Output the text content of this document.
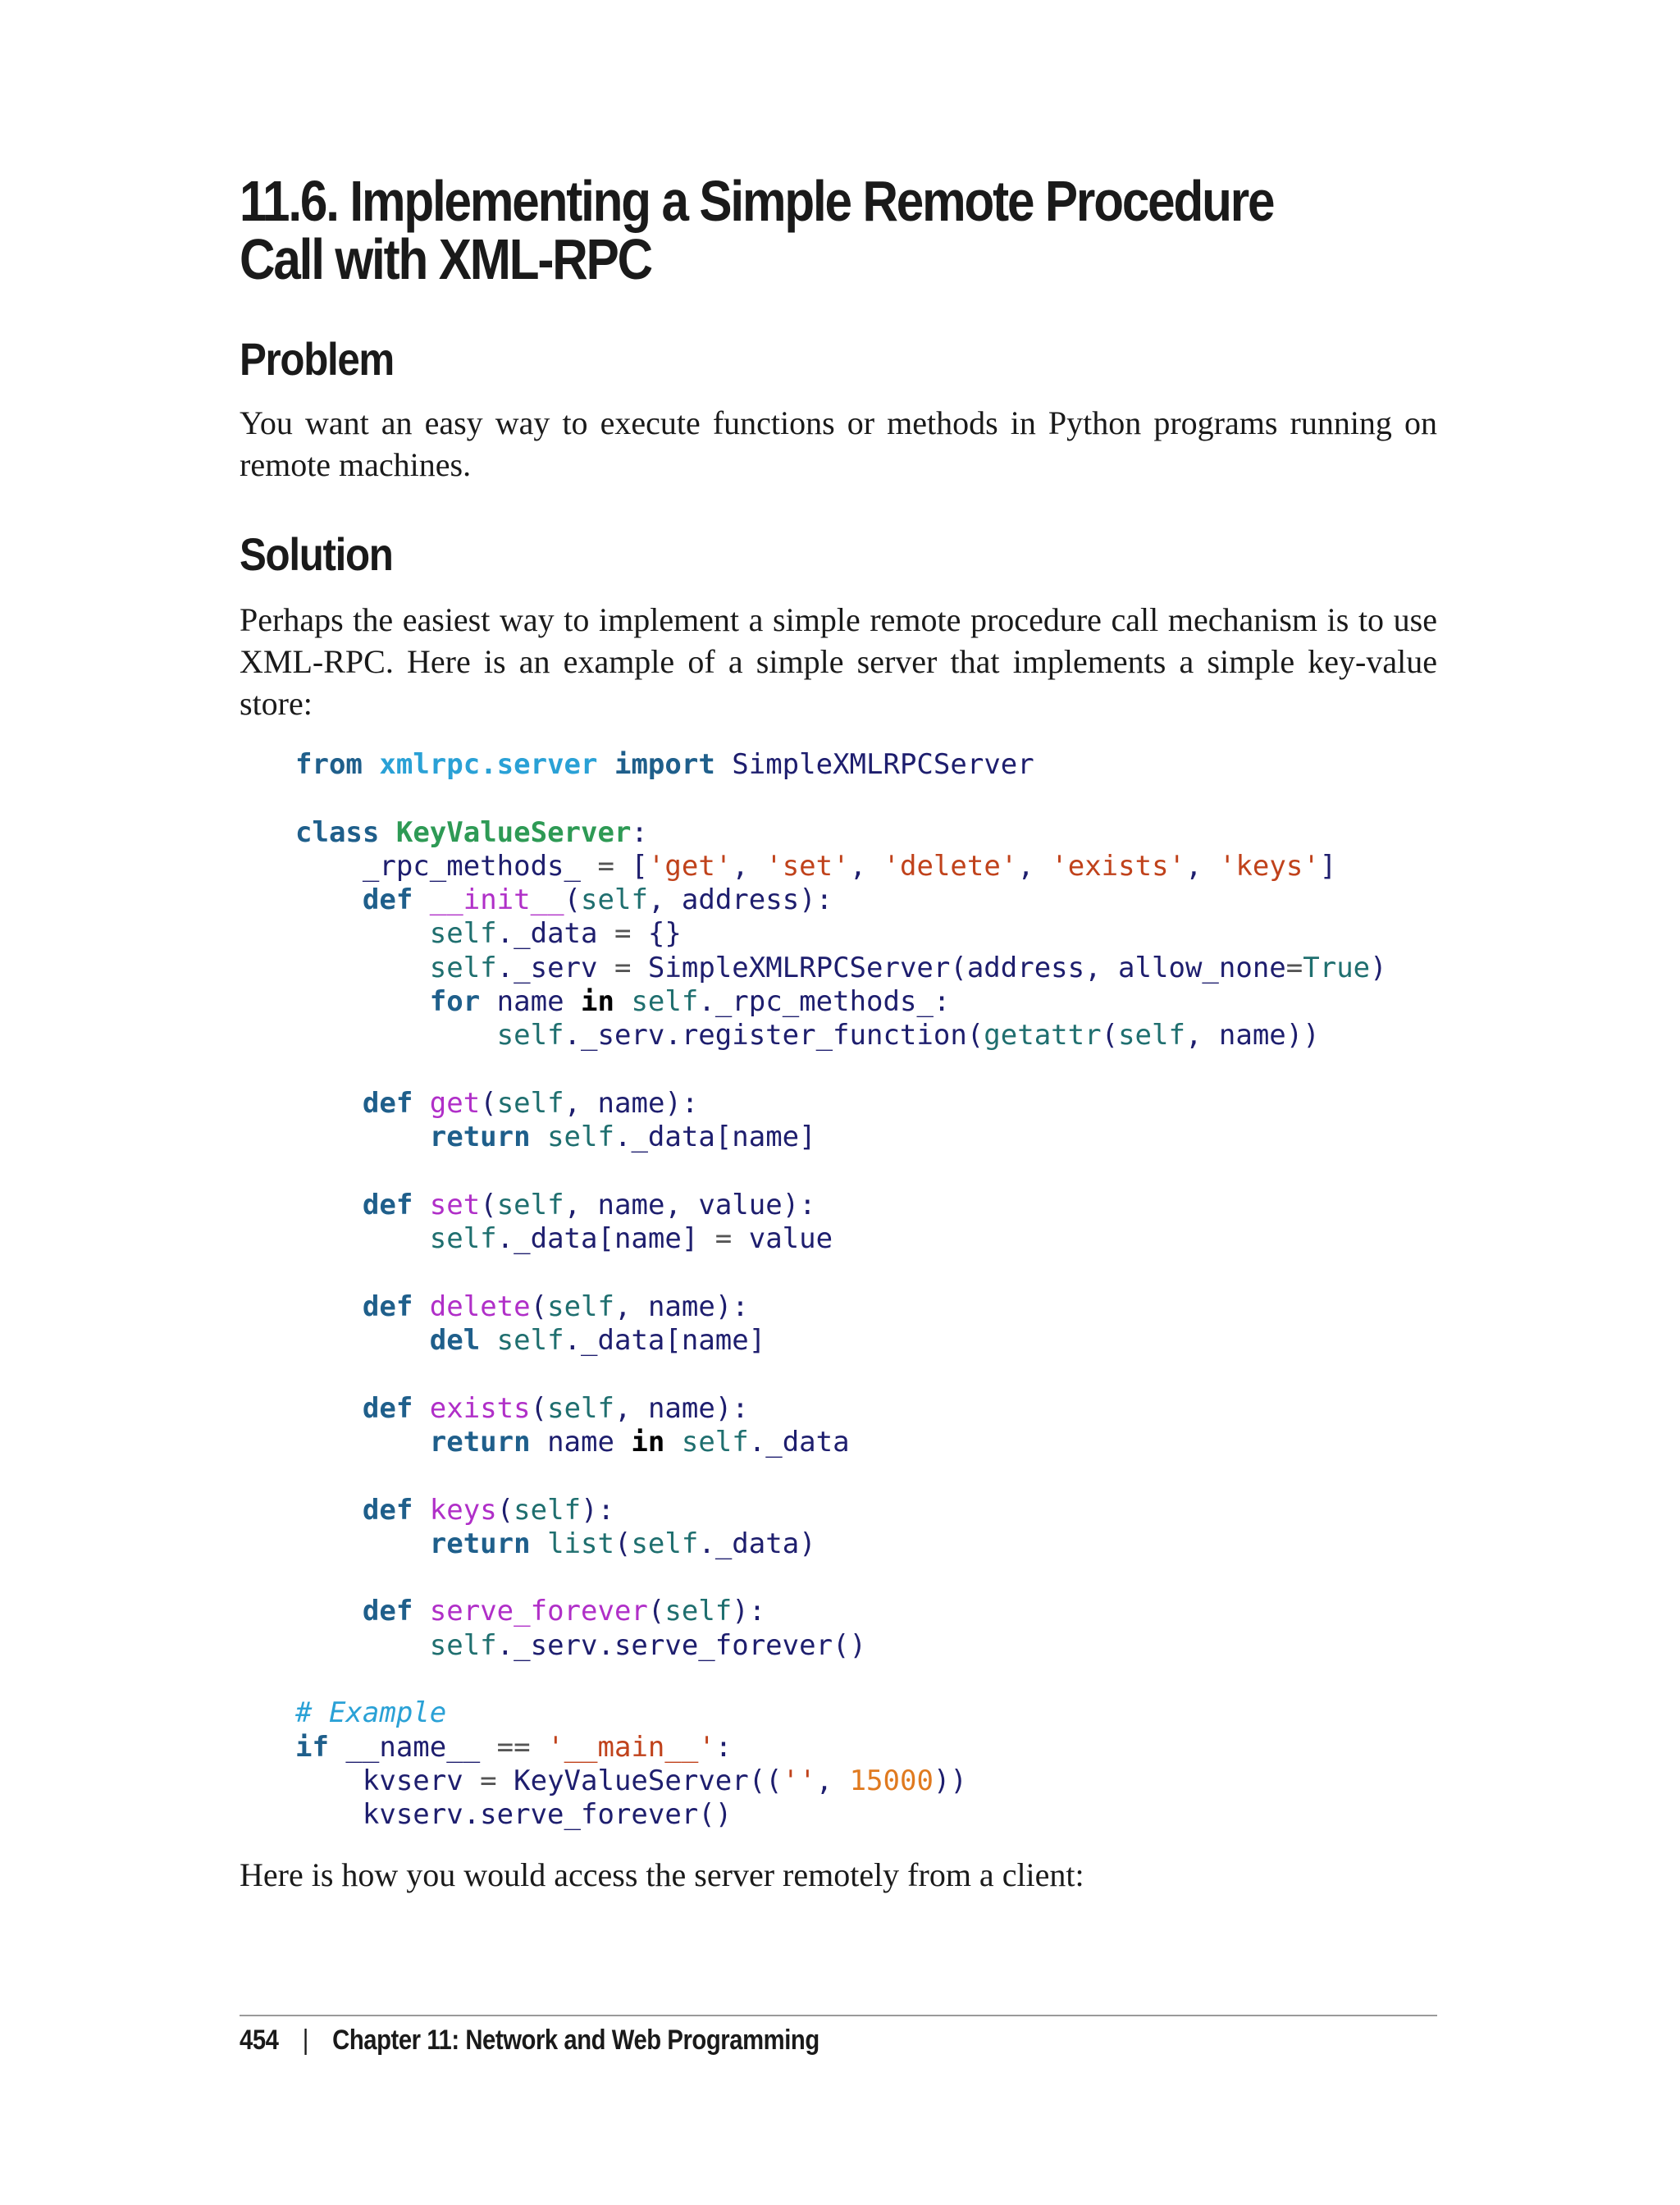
11.6. Implementing a Simple Remote Procedure Call with XML-RPC
Problem

You want an easy way to execute functions or methods in Python programs running on remote machines.

Solution

Perhaps the easiest way to implement a simple remote procedure call mechanism is to use XML-RPC. Here is an example of a simple server that implements a simple key-value store:

from xmlrpc.server import SimpleXMLRPCServer

class KeyValueServer:
_rpc_methods_ = ['get', 'set', 'delete', 'exists', 'keys']
def __init__(self, address):
self._data = {}
self._serv = SimpleXMLRPCServer(address, allow_none=True)
for name in self._rpc_methods_:
self._serv.register_function(getattr(self, name))

def get(self, name):
return self._data[name]

def set(self, name, value):
self._data[name] = value

def delete(self, name):
del self._data[name]

def exists(self, name):
return name in self._data

def keys(self):
return list(self._data)

def serve_forever(self):
self._serv.serve_forever()

# Example
if __name__ == '__main__':
kvserv = KeyValueServer(('', 15000))
kvserv.serve_forever()

Here is how you would access the server remotely from a client:

454 | Chapter 11: Network and Web Programming
